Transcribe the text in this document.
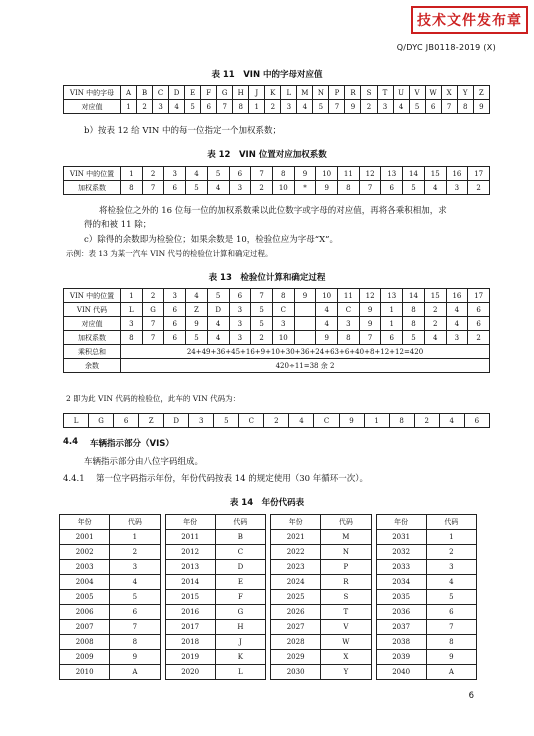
技术文件发布章
Q/DYC JB0118-2019 (X)
表 11　VIN 中的字母对应值
VIN 中的字母	A	B	C	D	E	F	G	H	J	K	L	M	N	P	R	S	T	U	V	W	X	Y	Z
对应值	1	2	3	4	5	6	7	8	1	2	3	4	5	7	9	2	3	4	5	6	7	8	9
b）按表 12 给 VIN 中的每一位指定一个加权系数；
表 12　VIN 位置对应加权系数
VIN 中的位置	1	2	3	4	5	6	7	8	9	10	11	12	13	14	15	16	17
加权系数	8	7	6	5	4	3	2	10	*	9	8	7	6	5	4	3	2
将检验位之外的 16 位每一位的加权系数乘以此位数字或字母的对应值，再将各乘积相加，求
得的和被 11 除；
c）除得的余数即为检验位；如果余数是 10，检验位应为字母“X”。
示例：表 13 为某一汽车 VIN 代号的检验位计算和确定过程。
表 13　检验位计算和确定过程
VIN 中的位置	1	2	3	4	5	6	7	8	9	10	11	12	13	14	15	16	17
VIN 代码	L	G	6	Z	D	3	5	C		4	C	9	1	8	2	4	6
对应值	3	7	6	9	4	3	5	3		4	3	9	1	8	2	4	6
加权系数	8	7	6	5	4	3	2	10		9	8	7	6	5	4	3	2
乘积总和	24+49+36+45+16+9+10+30+36+24+63+6+40+8+12+12=420																
余数	420÷11=38 余 2																
2 即为此 VIN 代码的检验位，此车的 VIN 代码为：
L	G	6	Z	D	3	5	C	2	4	C	9	1	8	2	4	6
4.4 车辆指示部分（VIS）
车辆指示部分由八位字码组成。
4.4.1 第一位字码指示年份，年份代码按表 14 的规定使用（30 年循环一次）。
表 14　年份代码表
年份	代码		年份	代码		年份	代码		年份	代码
2001	1		2011	B		2021	M		2031	1
2002	2		2012	C		2022	N		2032	2
2003	3		2013	D		2023	P		2033	3
2004	4		2014	E		2024	R		2034	4
2005	5		2015	F		2025	S		2035	5
2006	6		2016	G		2026	T		2036	6
2007	7		2017	H		2027	V		2037	7
2008	8		2018	J		2028	W		2038	8
2009	9		2019	K		2029	X		2039	9
2010	A		2020	L		2030	Y		2040	A
6
